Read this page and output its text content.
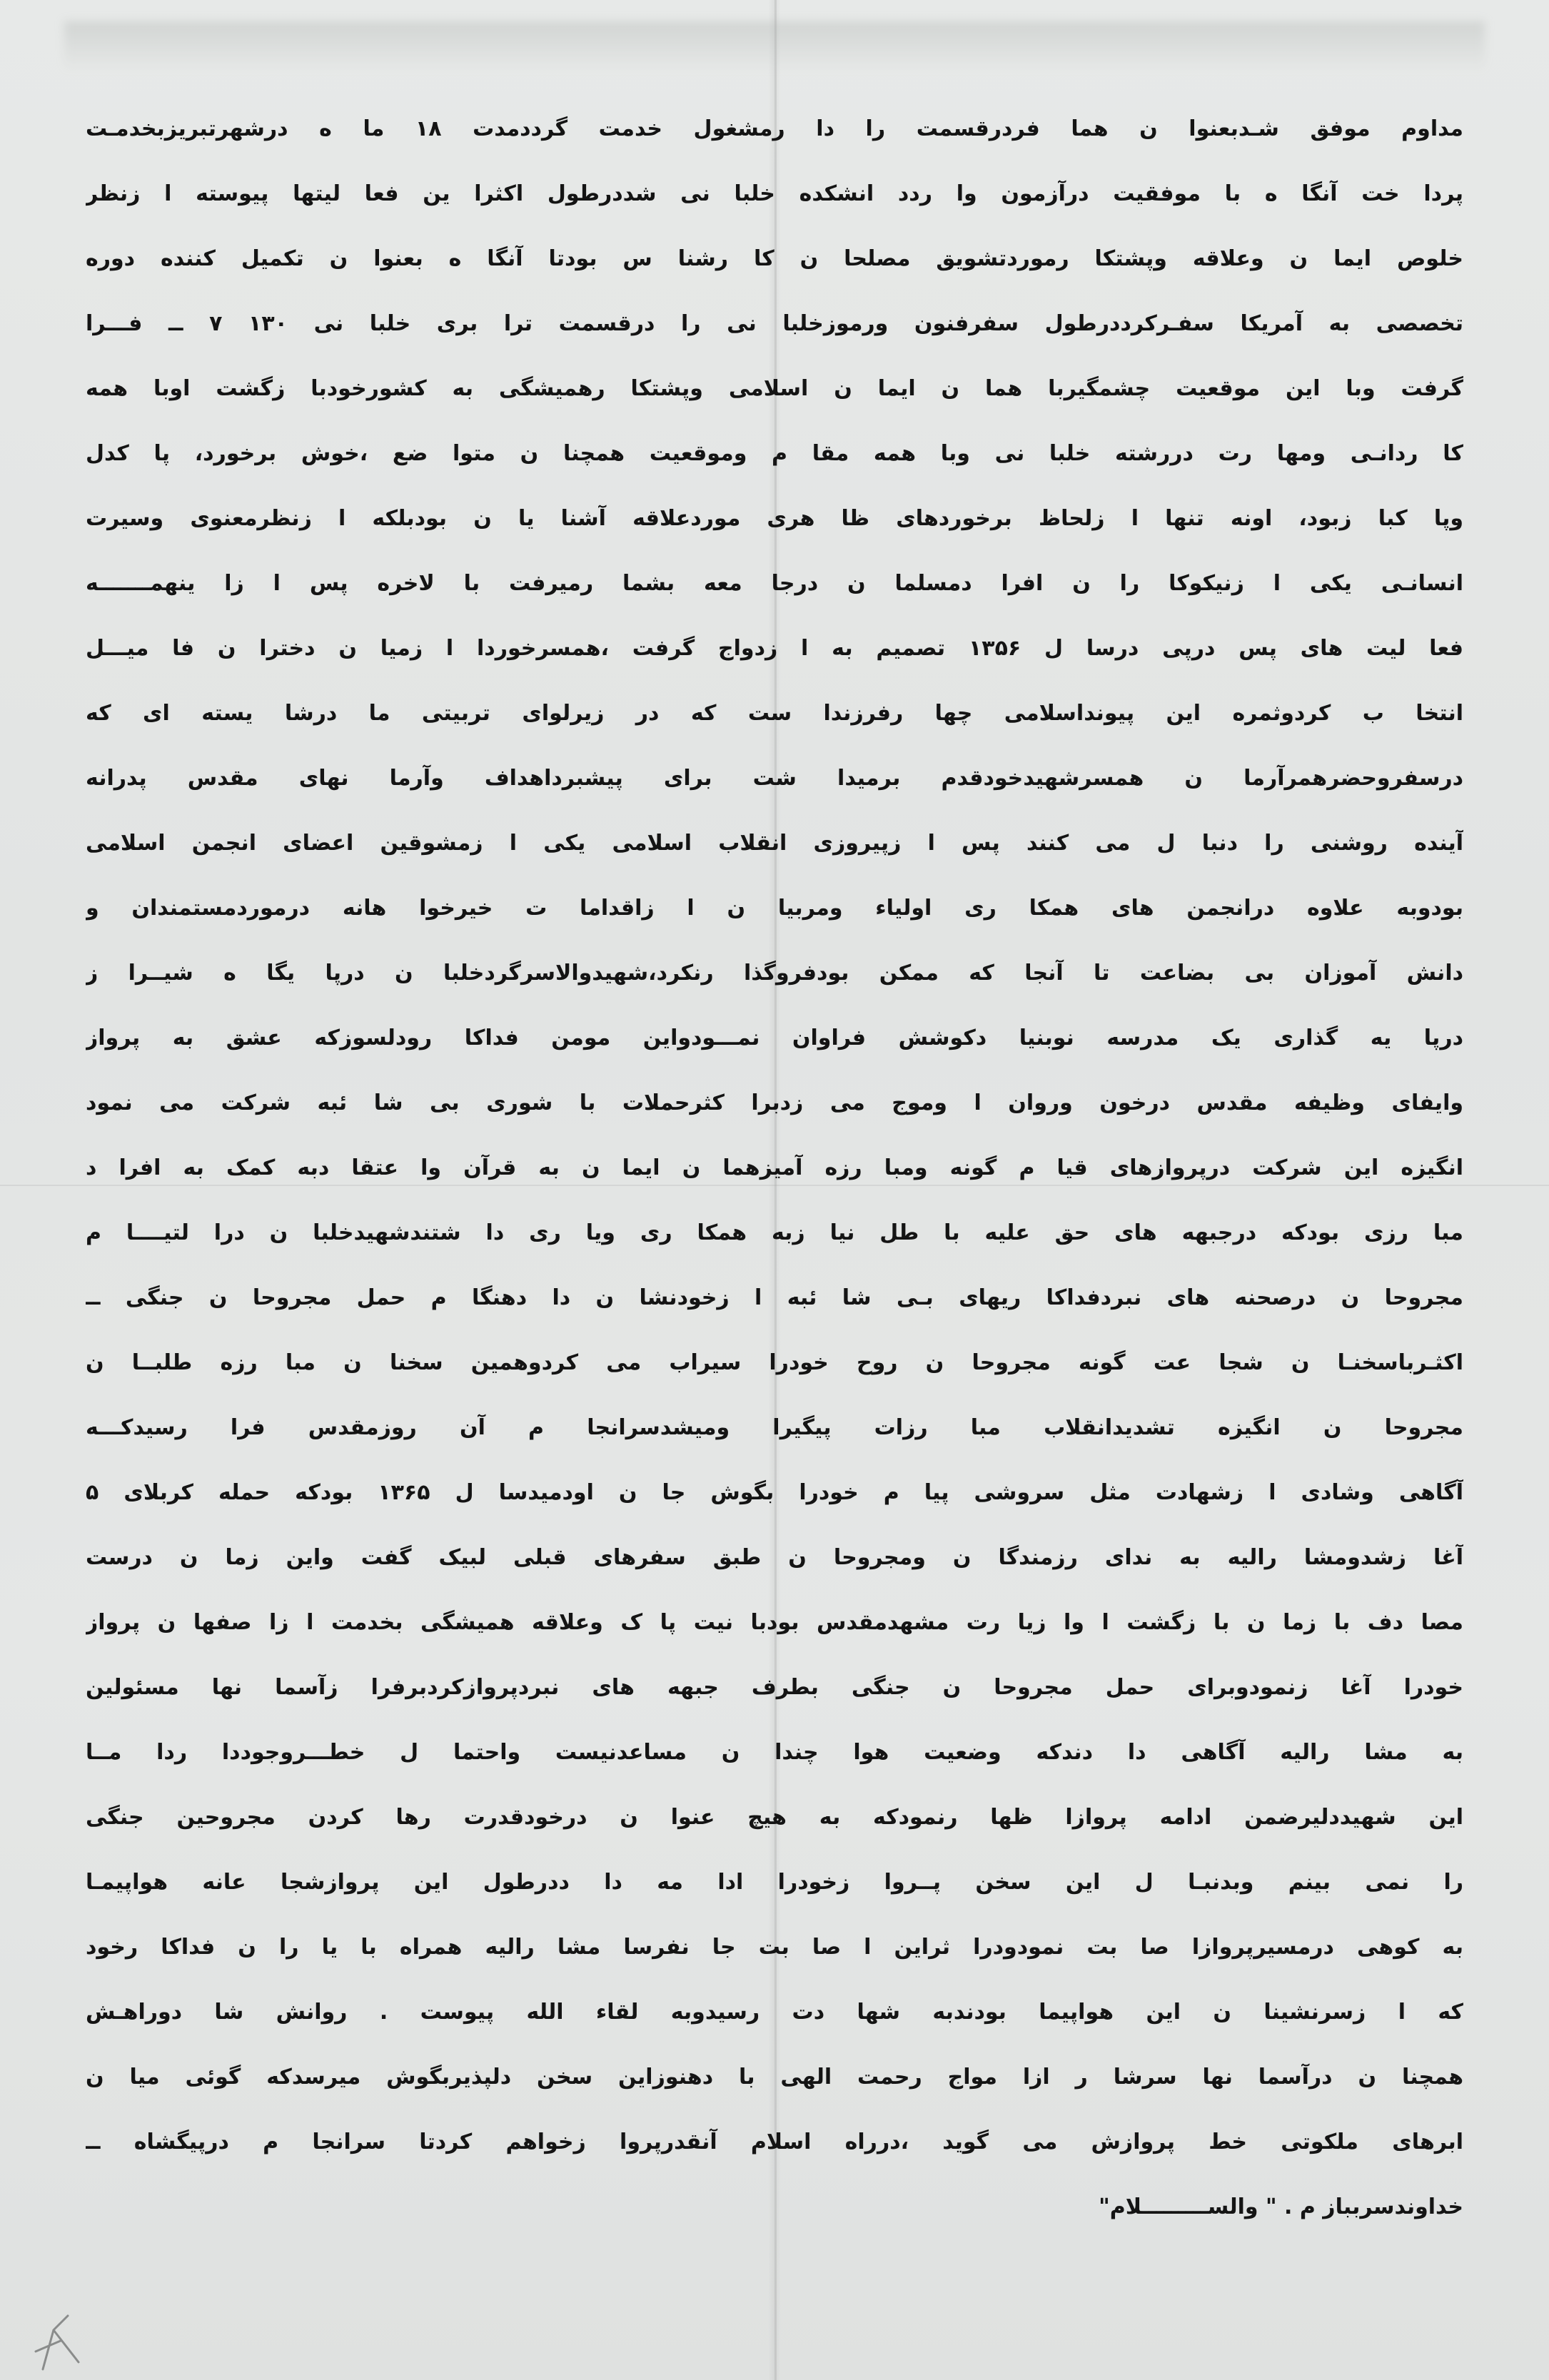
مداوم موفق شـدبعنوا ن هما فردرقسمت را دا رمشغول خدمت گرددمدت ۱۸ ما ه درشهرتبریزبخدمـت
پردا خت آنگا ه با موفقیت درآزمون وا ردد انشکده خلبا نی شددرطول اکثرا ین فعا لیتها پیوسته ا زنظر
خلوص ایما ن وعلاقه وپشتکا رموردتشویق مصلحا ن کا رشنا س بودتا آنگا ه بعنوا ن تکمیل کننده دوره
تخصصی به آمریکا سفـرکرددرطول سفرفنون ورموزخلبا نی را درقسمت ترا بری خلبا نی ۱۳۰ ۷ ــ فـــرا
گرفت وبا این موقعیت چشمگیربا هما ن ایما ن اسلامی وپشتکا رهمیشگی به کشورخودبا زگشت اوبا همه
کا ردانـی ومها رت دررشته خلبا نی وبا همه مقا م وموقعیت همچنا ن متوا ضع ،خوش برخورد، پا کدل
وپا کبا زبود، اونه تنها ا زلحاظ برخوردهای ظا هری موردعلاقه آشنا یا ن بودبلکه ا زنظرمعنوی وسیرت
انسانـی یکی ا زنیکوکا را ن افرا دمسلما ن درجا معه بشما رمیرفت با لاخره پس ا زا ینهمـــــــه
فعا لیت های پس درپی درسا ل ۱۳۵۶ تصمیم به ا زدواج گرفت ،همسرخوردا ا زمیا ن دخترا ن فا میـــل
انتخا ب کردوثمره این پیونداسلامی چها رفرزندا ست که در زیرلوای تربیتی ما درشا یسته ای که
درسفروحضرهمرآرما ن همسرشهیدخودقدم برمیدا شت برای پیشبرداهداف وآرما نهای مقدس پدرانه
آینده روشنی را دنبا ل می کنند پس ا زپیروزی انقلاب اسلامی یکی ا زمشوقین اعضای انجمن اسلامی
بودوبه علاوه درانجمن های همکا ری اولیاء ومربیا ن ا زاقداما ت خیرخوا هانه درموردمستمندان و
دانش آموزان بی بضاعت تا آنجا که ممکن بودفروگذا رنکرد،شهیدوالاسرگردخلبا ن درپا یگا ه شیــرا ز
درپا یه گذاری یک مدرسه نوبنیا دکوشش فراوان نمـــودواین مومن فداکا رودلسوزکه عشق به پرواز
وایفای وظیفه مقدس درخون وروان ا وموج می زدبرا کثرحملات با شوری بی شا ئبه شرکت می نمود
انگیزه این شرکت درپروازهای قیا م گونه ومبا رزه آمیزهما ن ایما ن به قرآن وا عتقا دبه کمک به افرا د
مبا رزی بودکه درجبهه های حق علیه با طل نیا زبه همکا ری ویا ری دا شتندشهیدخلبا ن درا لتیــــا م
مجروحا ن درصحنه های نبردفداکا ریهای بـی شا ئبه ا زخودنشا ن دا دهنگا م حمل مجروحا ن جنگی ــ
اکثـرباسخنـا ن شجا عت گونه مجروحا ن روح خودرا سیراب می کردوهمین سخنا ن مبا رزه طلبــا ن
مجروحا ن انگیزه تشدیدانقلاب مبا رزات پیگیرا ومیشدسرانجا م آن روزمقدس فرا رسیدکـــه
آگاهی وشادی ا زشهادت مثل سروشی پیا م خودرا بگوش جا ن اودمیدسا ل ۱۳۶۵ بودکه حمله کربلای ۵
آغا زشدومشا رالیه به ندای رزمندگا ن ومجروحا ن طبق سفرهای قبلی لبیک گفت واین زما ن درست
مصا دف با زما ن با زگشت ا وا زیا رت مشهدمقدس بودبا نیت پا ک وعلاقه همیشگی بخدمت ا زا صفها ن پرواز
خودرا آغا زنمودوبرای حمل مجروحا ن جنگی بطرف جبهه های نبردپروازکردبرفرا زآسما نها مسئولین
به مشا رالیه آگاهی دا دندکه وضعیت هوا چندا ن مساعدنیست واحتما ل خطـــروجوددا ردا مــا
این شهیددلیرضمن ادامه پروازا ظها رنمودکه به هیچ عنوا ن درخودقدرت رها کردن مجروحین جنگی
را نمی بینم وبدنبـا ل این سخن پــروا زخودرا ادا مه دا ددرطول این پروازشجا عانه هواپیمـا
به کوهی درمسیرپروازا صا بت نمودودرا ثراین ا صا بت جا نفرسا مشا رالیه همراه با یا را ن فداکا رخود
که ا زسرنشینا ن این هواپیما بودندبه شها دت رسیدوبه لقاء الله پیوست . روانش شا دوراهـش
همچنا ن درآسما نها سرشا ر ازا مواج رحمت الهی با دهنوزاین سخن دلپذیربگوش میرسدکه گوئی میا ن
ابرهای ملکوتی خط پروازش می گوید ،درراه اسلام آنقدرپروا زخواهم کردتا سرانجا م درپیگشاه ــ
خداوندسربباز م . " والســـــــــلام"
